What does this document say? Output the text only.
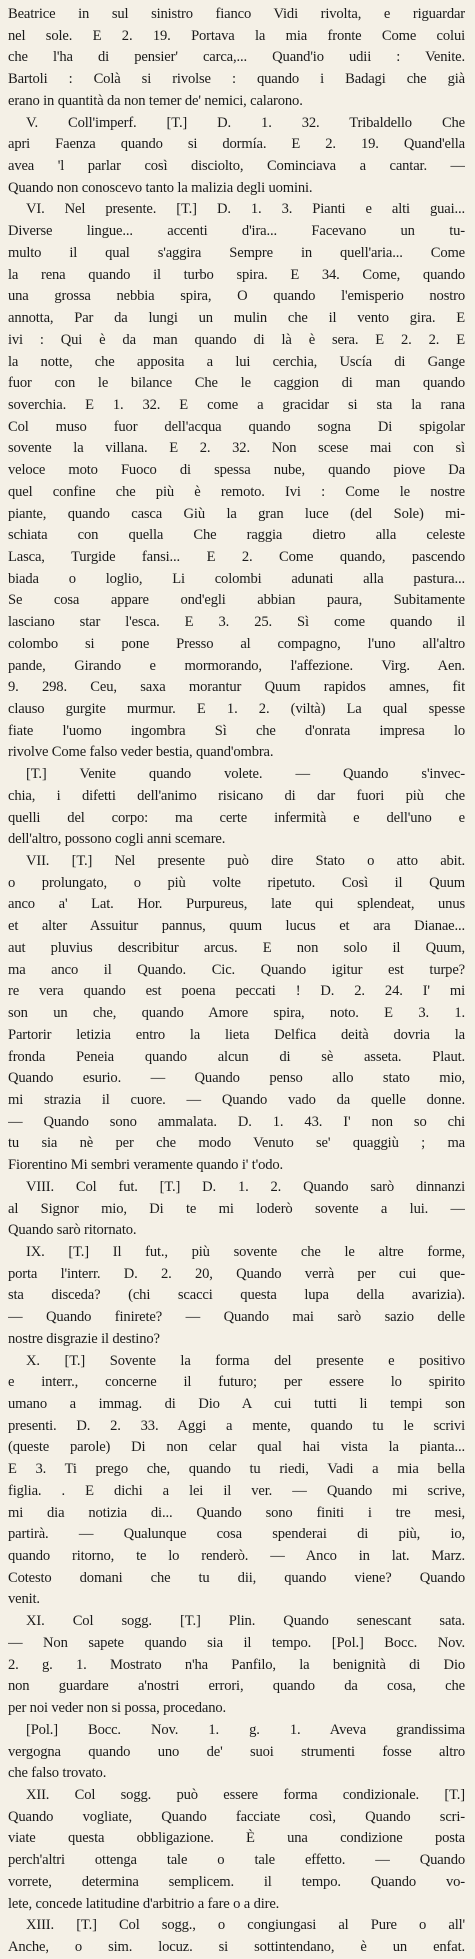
Beatrice in sul sinistro fianco Vidi rivolta, e riguardar
nel sole. E 2. 19. Portava la mia fronte Come colui
che l'ha di pensier' carca,... Quand'io udii : Venite.
Bartoli : Colà si rivolse : quando i Badagi che già
erano in quantità da non temer de' nemici, calarono.
V. Coll'imperf. [T.] D. 1. 32. Tribaldello Che
apri Faenza quando si dormía. E 2. 19. Quand'ella
avea 'l parlar così disciolto, Cominciava a cantar. —
Quando non conoscevo tanto la malizia degli uomini.
VI. Nel presente. [T.] D. 1. 3. Pianti e alti guai...
Diverse lingue... accenti d'ira... Facevano un tu-
multo il qual s'aggira Sempre in quell'aria... Come
la rena quando il turbo spira. E 34. Come, quando
una grossa nebbia spira, O quando l'emisperio nostro
annotta, Par da lungi un mulin che il vento gira. E
ivi : Qui è da man quando di là è sera. E 2. 2. E
la notte, che apposita a lui cerchia, Uscía di Gange
fuor con le bilance Che le caggion di man quando
soverchia. E 1. 32. E come a gracidar si sta la rana
Col muso fuor dell'acqua quando sogna Di spigolar
sovente la villana. E 2. 32. Non scese mai con sì
veloce moto Fuoco di spessa nube, quando piove Da
quel confine che più è remoto. Ivi : Come le nostre
piante, quando casca Giù la gran luce (del Sole) mi-
schiata con quella Che raggia dietro alla celeste
Lasca, Turgide fansi... E 2. Come quando, pascendo
biada o loglio, Li colombi adunati alla pastura...
Se cosa appare ond'egli abbian paura, Subitamente
lasciano star l'esca. E 3. 25. Sì come quando il
colombo si pone Presso al compagno, l'uno all'altro
pande, Girando e mormorando, l'affezione. Virg. Aen.
9. 298. Ceu, saxa morantur Quum rapidos amnes, fit
clauso gurgite murmur. E 1. 2. (viltà) La qual spesse
fiate l'uomo ingombra Sì che d'onrata impresa lo
rivolve Come falso veder bestia, quand'ombra.
[T.] Venite quando volete. — Quando s'invec-
chia, i difetti dell'animo risicano di dar fuori più che
quelli del corpo: ma certe infermità e dell'uno e
dell'altro, possono cogli anni scemare.
VII. [T.] Nel presente può dire Stato o atto abit.
o prolungato, o più volte ripetuto. Così il Quum
anco a' Lat. Hor. Purpureus, late qui splendeat, unus
et alter Assuitur pannus, quum lucus et ara Dianae...
aut pluvius describitur arcus. E non solo il Quum,
ma anco il Quando. Cic. Quando igitur est turpe?
re vera quando est poena peccati ! D. 2. 24. I' mi
son un che, quando Amore spira, noto. E 3. 1.
Partorir letizia entro la lieta Delfica deità dovria la
fronda Peneia quando alcun di sè asseta. Plaut.
Quando esurio. — Quando penso allo stato mio,
mi strazia il cuore. — Quando vado da quelle donne.
— Quando sono ammalata. D. 1. 43. I' non so chi
tu sia nè per che modo Venuto se' quaggiù ; ma
Fiorentino Mi sembri veramente quando i' t'odo.
VIII. Col fut. [T.] D. 1. 2. Quando sarò dinnanzi
al Signor mio, Di te mi loderò sovente a lui. —
Quando sarò ritornato.
IX. [T.] Il fut., più sovente che le altre forme,
porta l'interr. D. 2. 20, Quando verrà per cui que-
sta disceda? (chi scacci questa lupa della avarizia).
— Quando finirete? — Quando mai sarò sazio delle
nostre disgrazie il destino?
X. [T.] Sovente la forma del presente e positivo
e interr., concerne il futuro; per essere lo spirito
umano a immag. di Dio A cui tutti li tempi son
presenti. D. 2. 33. Aggi a mente, quando tu le scrivi
(queste parole) Di non celar qual hai vista la pianta...
E 3. Ti prego che, quando tu riedi, Vadi a mia bella
figlia. . E dichi a lei il ver. — Quando mi scrive,
mi dia notizia di... Quando sono finiti i tre mesi,
partirà. — Qualunque cosa spenderai di più, io,
quando ritorno, te lo renderò. — Anco in lat. Marz.
Cotesto domani che tu dii, quando viene? Quando
venit.
XI. Col sogg. [T.] Plin. Quando senescant sata.
— Non sapete quando sia il tempo. [Pol.] Bocc. Nov.
2. g. 1. Mostrato n'ha Panfilo, la benignità di Dio
non guardare a'nostri errori, quando da cosa, che
per noi veder non si possa, procedano.
[Pol.] Bocc. Nov. 1. g. 1. Aveva grandissima
vergogna quando uno de' suoi strumenti fosse altro
che falso trovato.
XII. Col sogg. può essere forma condizionale. [T.]
Quando vogliate, Quando facciate così, Quando scri-
viate questa obbligazione. È una condizione posta
perch'altri ottenga tale o tale effetto. — Quando
vorrete, determina semplicem. il tempo. Quando vo-
lete, concede latitudine d'arbitrio a fare o a dire.
XIII. [T.] Col sogg., o congiungasi al Pure o all'
Anche, o sim. locuz. si sottintendano, è un enfat.
